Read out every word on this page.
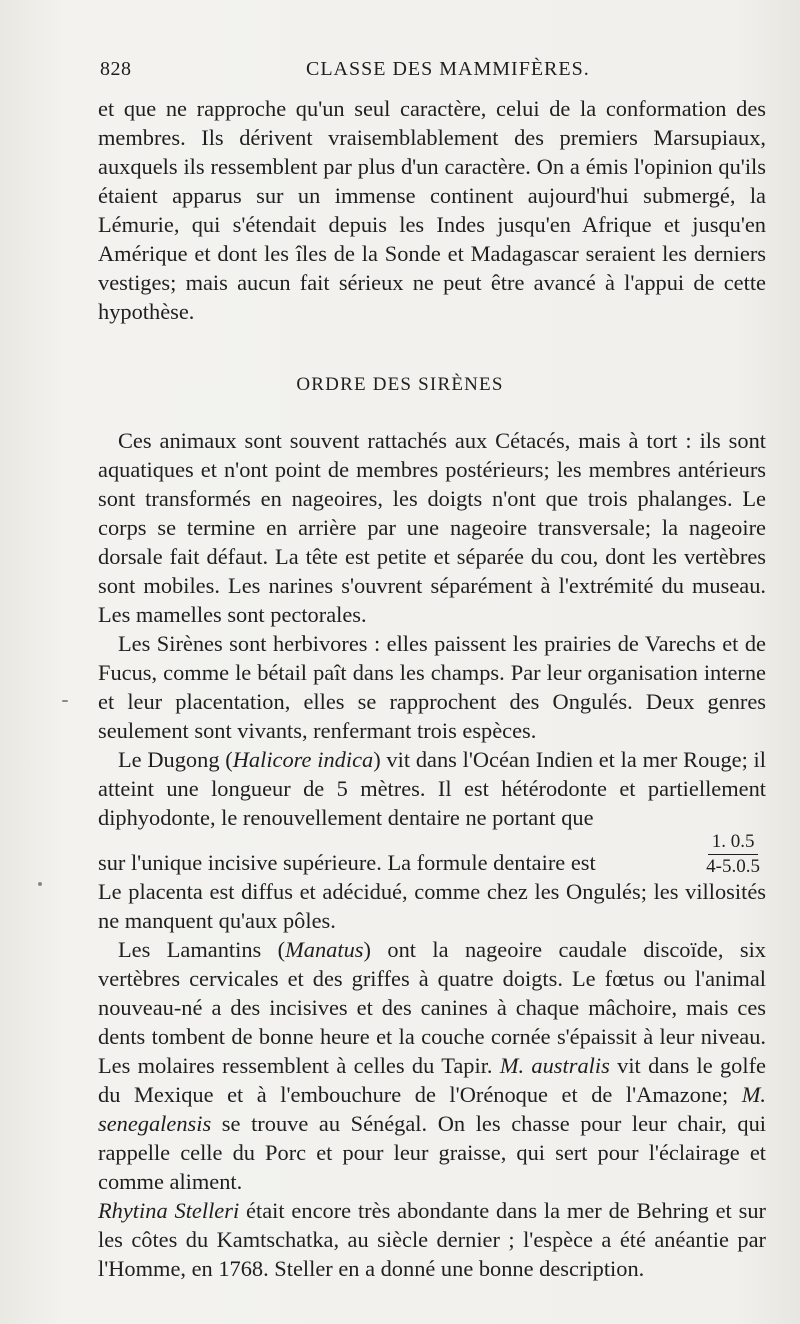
828	CLASSE DES MAMMIFÈRES.

et que ne rapproche qu'un seul caractère, celui de la conformation des membres. Ils dérivent vraisemblablement des premiers Marsupiaux, auxquels ils ressemblent par plus d'un caractère. On a émis l'opinion qu'ils étaient apparus sur un immense continent aujourd'hui submergé, la Lémurie, qui s'étendait depuis les Indes jusqu'en Afrique et jusqu'en Amérique et dont les îles de la Sonde et Madagascar seraient les derniers vestiges; mais aucun fait sérieux ne peut être avancé à l'appui de cette hypothèse.

ORDRE DES SIRÈNES

Ces animaux sont souvent rattachés aux Cétacés, mais à tort : ils sont aquatiques et n'ont point de membres postérieurs; les membres antérieurs sont transformés en nageoires, les doigts n'ont que trois phalanges. Le corps se termine en arrière par une nageoire transversale; la nageoire dorsale fait défaut. La tête est petite et séparée du cou, dont les vertèbres sont mobiles. Les narines s'ouvrent séparément à l'extrémité du museau. Les mamelles sont pectorales.

Les Sirènes sont herbivores : elles paissent les prairies de Varechs et de Fucus, comme le bétail paît dans les champs. Par leur organisation interne et leur placentation, elles se rapprochent des Ongulés. Deux genres seulement sont vivants, renfermant trois espèces.

Le Dugong (Halicore indica) vit dans l'Océan Indien et la mer Rouge; il atteint une longueur de 5 mètres. Il est hétérodonte et partiellement diphyodonte, le renouvellement dentaire ne portant que

sur l'unique incisive supérieure. La formule dentaire est	$\frac{1. 0.5}{4-5.0.5}$

Le placenta est diffus et adécidué, comme chez les Ongulés; les villosités ne manquent qu'aux pôles.

Les Lamantins (Manatus) ont la nageoire caudale discoïde, six vertèbres cervicales et des griffes à quatre doigts. Le fœtus ou l'animal nouveau-né a des incisives et des canines à chaque mâchoire, mais ces dents tombent de bonne heure et la couche cornée s'épaissit à leur niveau. Les molaires ressemblent à celles du Tapir. M. australis vit dans le golfe du Mexique et à l'embouchure de l'Orénoque et de l'Amazone; M. senegalensis se trouve au Sénégal. On les chasse pour leur chair, qui rappelle celle du Porc et pour leur graisse, qui sert pour l'éclairage et comme aliment.

Rhytina Stelleri était encore très abondante dans la mer de Behring et sur les côtes du Kamtschatka, au siècle dernier ; l'espèce a été anéantie par l'Homme, en 1768. Steller en a donné une bonne description.
